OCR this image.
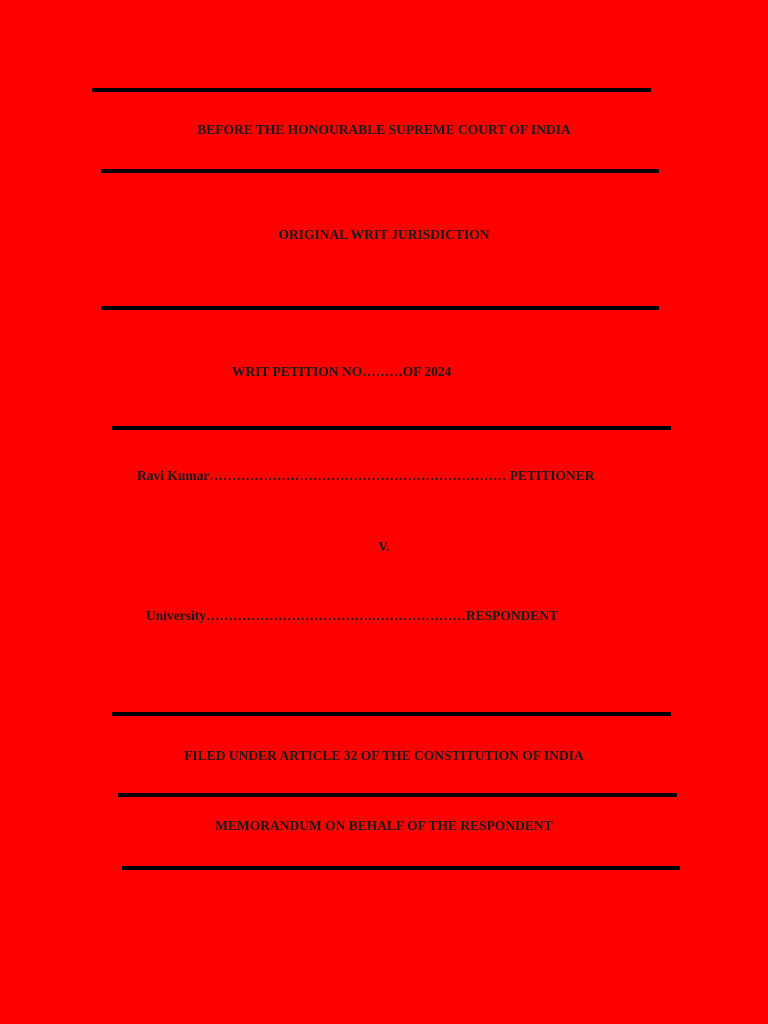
BEFORE THE HONOURABLE SUPREME COURT OF INDIA
ORIGINAL WRIT JURISDICTION
WRIT PETITION NO………OF 2024
Ravi Kumar………………………………………………………… PETITIONER
V.
University……………………………….…………………RESPONDENT
FILED UNDER ARTICLE 32 OF THE CONSTITUTION OF INDIA
MEMORANDUM ON BEHALF OF THE RESPONDENT
